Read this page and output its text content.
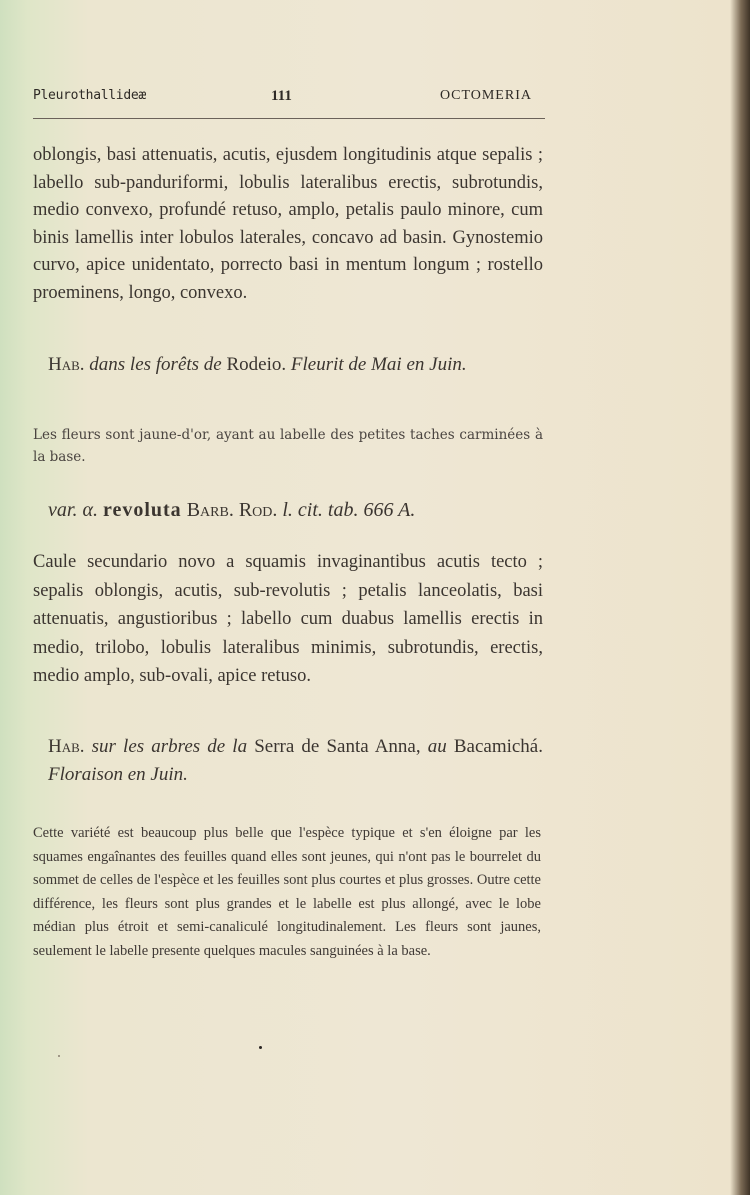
Pleurothallideæ	111	OCTOMERIA

oblongis, basi attenuatis, acutis, ejusdem longitudinis atque sepalis ; labello sub-panduriformi, lobulis lateralibus erectis, subrotundis, medio convexo, profundé retuso, amplo, petalis paulo minore, cum binis lamellis inter lobulos laterales, concavo ad basin. Gynostemio curvo, apice unidentato, porrecto basi in mentum longum ; rostello proeminens, longo, convexo.

Hab. dans les forêts de Rodeio. Fleurit de Mai en Juin.

Les fleurs sont jaune-d'or, ayant au labelle des petites taches carminées à la base.

var. α. revoluta Barb. Rod. l. cit. tab. 666 A.

Caule secundario novo a squamis invaginantibus acutis tecto ; sepalis oblongis, acutis, sub-revolutis ; petalis lanceolatis, basi attenuatis, angustioribus ; labello cum duabus lamellis erectis in medio, trilobo, lobulis lateralibus minimis, subrotundis, erectis, medio amplo, sub-ovali, apice retuso.

Hab. sur les arbres de la Serra de Santa Anna, au Bacamichá. Floraison en Juin.

Cette variété est beaucoup plus belle que l'espèce typique et s'en éloigne par les squames engaînantes des feuilles quand elles sont jeunes, qui n'ont pas le bourrelet du sommet de celles de l'espèce et les feuilles sont plus courtes et plus grosses. Outre cette différence, les fleurs sont plus grandes et le labelle est plus allongé, avec le lobe médian plus étroit et semi-canaliculé longitudinalement. Les fleurs sont jaunes, seulement le labelle presente quelques macules sanguinées à la base.
